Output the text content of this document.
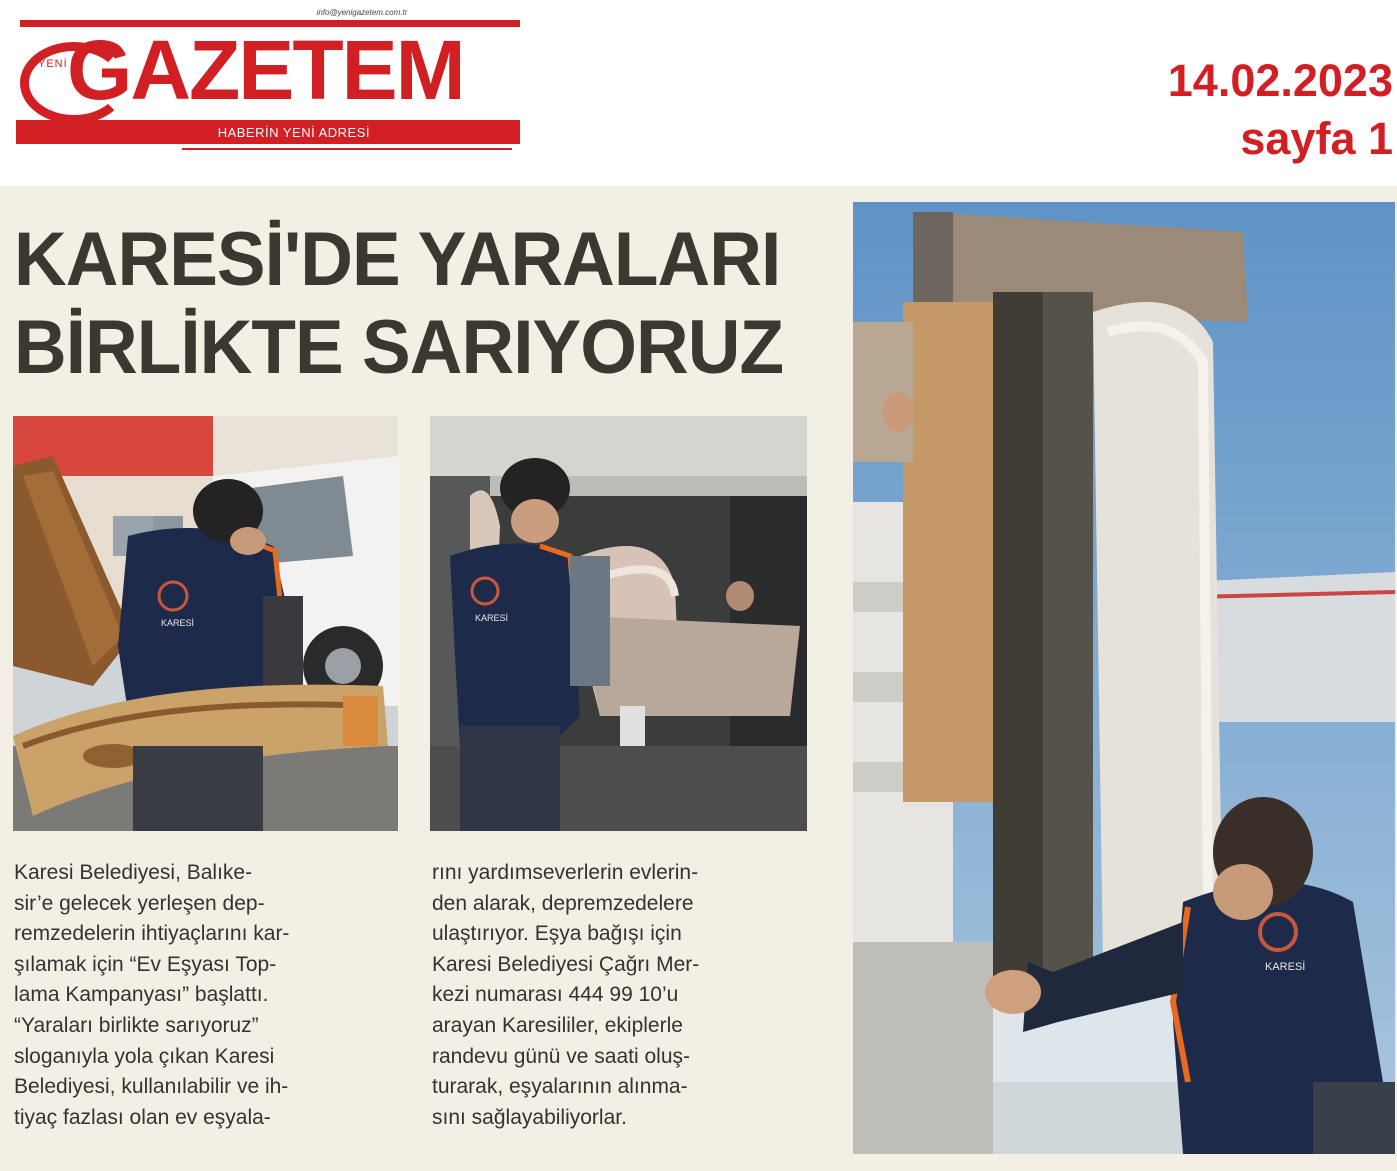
info@yenigazetem.com.tr
YENİ GAZETEM
HABERİN YENİ ADRESİ
14.02.2023
sayfa 1
KARESİ'DE YARALARI
BİRLİKTE SARIYORUZ
KARESİ	KARESİ
Karesi Belediyesi, Balıke-
sir’e gelecek yerleşen dep-
remzedelerin ihtiyaçlarını kar-
şılamak için “Ev Eşyası Top-
lama Kampanyası” başlattı.
“Yaraları birlikte sarıyoruz”
sloganıyla yola çıkan Karesi
Belediyesi, kullanılabilir ve ih-
tiyaç fazlası olan ev eşyala-
rını yardımseverlerin evlerin-
den alarak, depremzedelere
ulaştırıyor. Eşya bağışı için
Karesi Belediyesi Çağrı Mer-
kezi numarası 444 99 10’u
arayan Karesililer, ekiplerle
randevu günü ve saati oluş-
turarak, eşyalarının alınma-
sını sağlayabiliyorlar.
KARESİ
